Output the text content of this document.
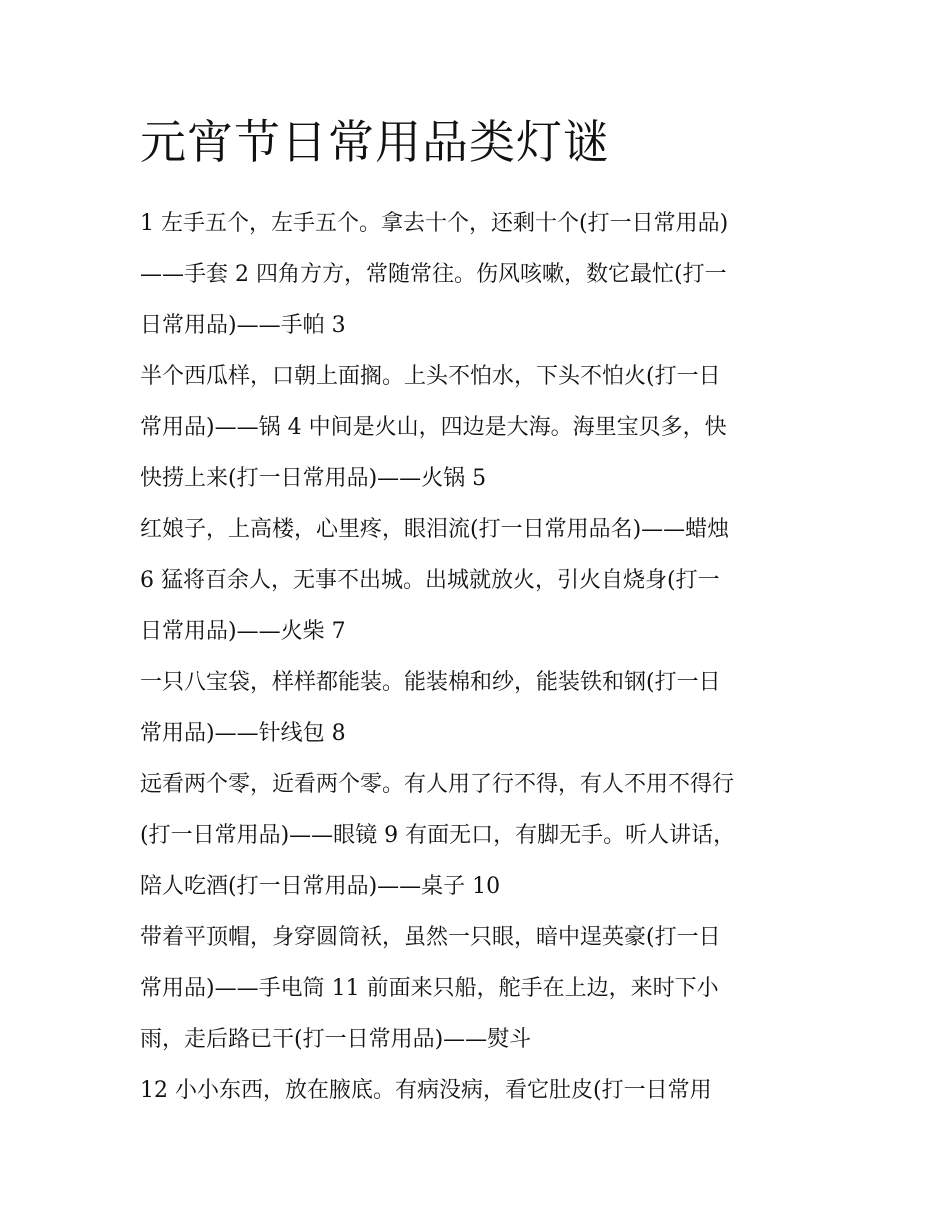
元宵节日常用品类灯谜
1 左手五个，左手五个。拿去十个，还剩十个(打一日常用品)
——手套 2 四角方方，常随常往。伤风咳嗽，数它最忙(打一
日常用品)——手帕 3
半个西瓜样，口朝上面搁。上头不怕水，下头不怕火(打一日
常用品)——锅 4 中间是火山，四边是大海。海里宝贝多，快
快捞上来(打一日常用品)——火锅 5
红娘子，上高楼，心里疼，眼泪流(打一日常用品名)——蜡烛
6 猛将百余人，无事不出城。出城就放火，引火自烧身(打一
日常用品)——火柴 7
一只八宝袋，样样都能装。能装棉和纱，能装铁和钢(打一日
常用品)——针线包 8
远看两个零，近看两个零。有人用了行不得，有人不用不得行
(打一日常用品)——眼镜 9 有面无口，有脚无手。听人讲话，
陪人吃酒(打一日常用品)——桌子 10
带着平顶帽，身穿圆筒袄，虽然一只眼，暗中逞英豪(打一日
常用品)——手电筒 11 前面来只船，舵手在上边，来时下小
雨，走后路已干(打一日常用品)——熨斗
12 小小东西，放在腋底。有病没病，看它肚皮(打一日常用
